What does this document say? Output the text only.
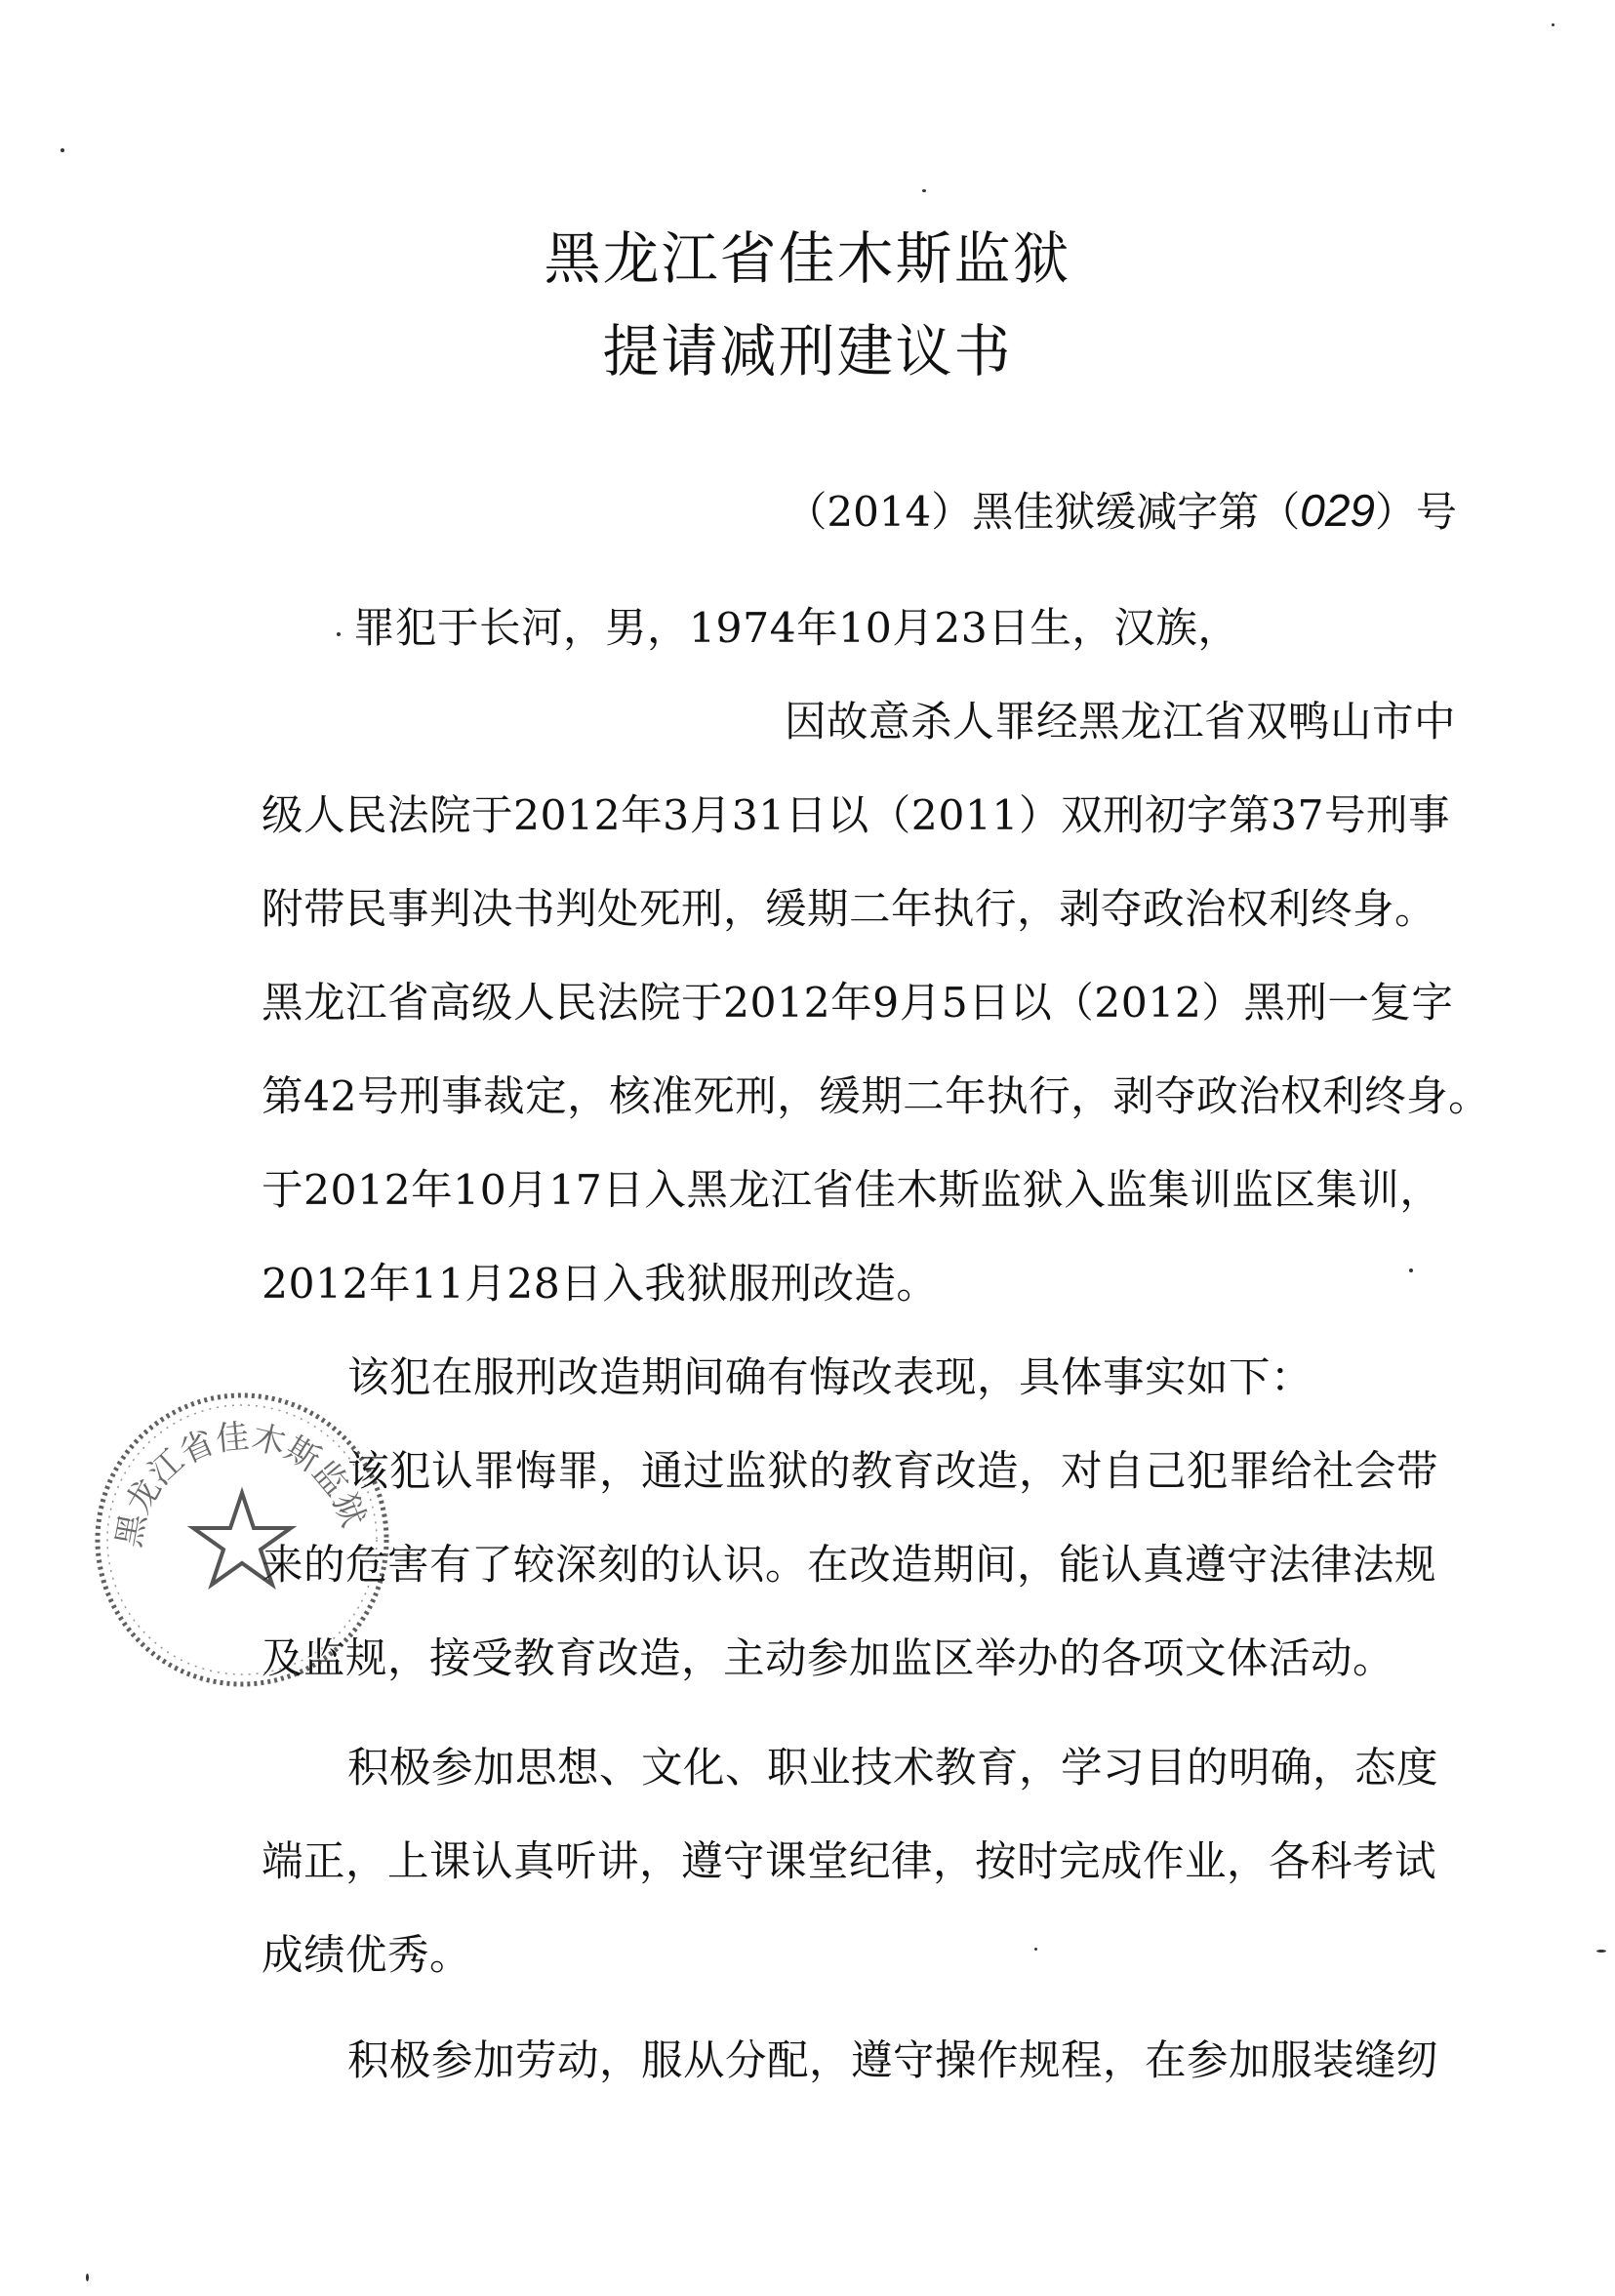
黑龙江省佳木斯监狱
提请减刑建议书
（2014）黑佳狱缓减字第（029）号
罪犯于长河，男，1974年10月23日生，汉族，
因故意杀人罪经黑龙江省双鸭山市中
级人民法院于2012年3月31日以（2011）双刑初字第37号刑事
附带民事判决书判处死刑，缓期二年执行，剥夺政治权利终身。
黑龙江省高级人民法院于2012年9月5日以（2012）黑刑一复字
第42号刑事裁定，核准死刑，缓期二年执行，剥夺政治权利终身。
于2012年10月17日入黑龙江省佳木斯监狱入监集训监区集训，
2012年11月28日入我狱服刑改造。
该犯在服刑改造期间确有悔改表现，具体事实如下：
该犯认罪悔罪，通过监狱的教育改造，对自己犯罪给社会带
来的危害有了较深刻的认识。在改造期间，能认真遵守法律法规
及监规，接受教育改造，主动参加监区举办的各项文体活动。
积极参加思想、文化、职业技术教育，学习目的明确，态度
端正，上课认真听讲，遵守课堂纪律，按时完成作业，各科考试
成绩优秀。
积极参加劳动，服从分配，遵守操作规程，在参加服装缝纫
黑龙江省佳木斯监狱
